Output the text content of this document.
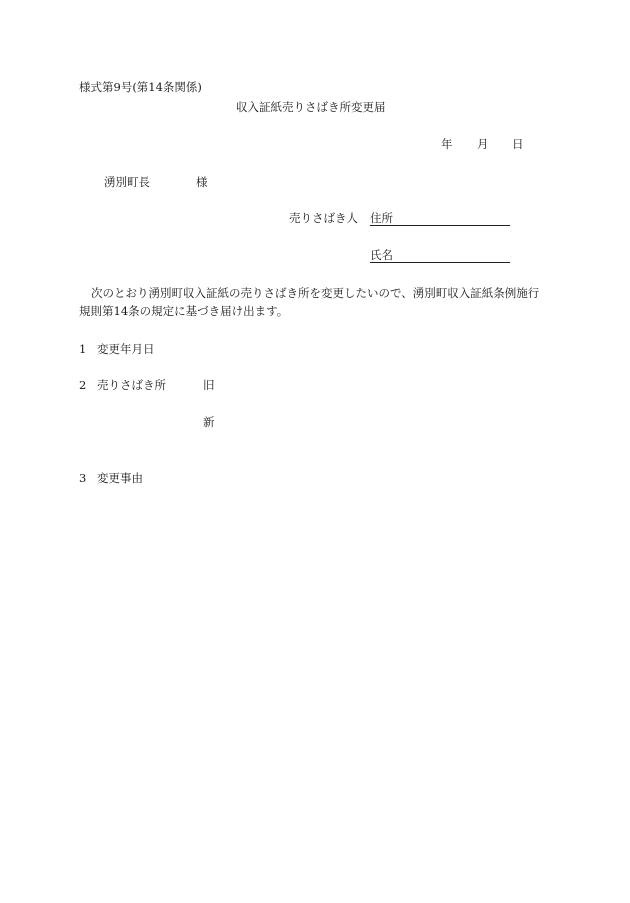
様式第9号(第14条関係)
収入証紙売りさばき所変更届
年 月 日
湧別町長	様
売りさばき人 住所
氏名
次のとおり湧別町収入証紙の売りさばき所を変更したいので、湧別町収入証紙条例施行
規則第14条の規定に基づき届け出ます。
1 変更年月日
2 売りさばき所	旧
新
3 変更事由
